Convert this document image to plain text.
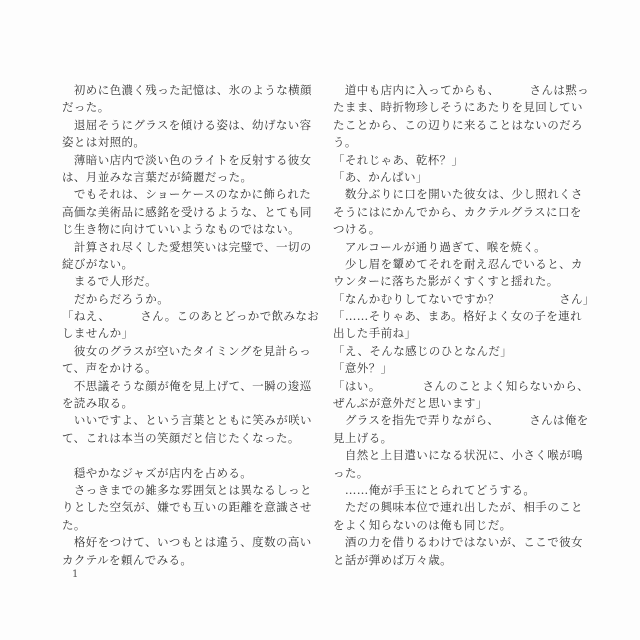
　初めに色濃く残った記憶は、氷のような横顔
だった。
　退屈そうにグラスを傾ける姿は、幼げない容
姿とは対照的。
　薄暗い店内で淡い色のライトを反射する彼女
は、月並みな言葉だが綺麗だった。
　でもそれは、ショーケースのなかに飾られた
高価な美術品に感銘を受けるような、とても同
じ生き物に向けていいようなものではない。
　計算され尽くした愛想笑いは完璧で、一切の
綻びがない。
　まるで人形だ。
　だからだろうか。
「ねえ、　　　さん。このあとどっかで飲みなお
しませんか」
　彼女のグラスが空いたタイミングを見計らっ
て、声をかける。
　不思議そうな顔が俺を見上げて、一瞬の逡巡
を読み取る。
　いいですよ、という言葉とともに笑みが咲い
て、これは本当の笑顔だと信じたくなった。
　穏やかなジャズが店内を占める。
　さっきまでの雑多な雰囲気とは異なるしっと
りとした空気が、嫌でも互いの距離を意識させ
た。
　格好をつけて、いつもとは違う、度数の高い
カクテルを頼んでみる。
　道中も店内に入ってからも、　　　さんは黙っ
たまま、時折物珍しそうにあたりを見回してい
たことから、この辺りに来ることはないのだろ
う。
「それじゃあ、乾杯？」
「あ、かんぱい」
　数分ぶりに口を開いた彼女は、少し照れくさ
そうにはにかんでから、カクテルグラスに口を
つける。
　アルコールが通り過ぎて、喉を焼く。
　少し眉を顰めてそれを耐え忍んでいると、カ
ウンターに落ちた影がくすくすと揺れた。
「なんかむりしてないですか？　　　　　さん」
「……そりゃあ、まあ。格好よく女の子を連れ
出した手前ね」
「え、そんな感じのひとなんだ」
「意外？」
「はい。　　　　さんのことよく知らないから、
ぜんぶが意外だと思います」
　グラスを指先で弄りながら、　　　さんは俺を
見上げる。
　自然と上目遣いになる状況に、小さく喉が鳴
った。
　……俺が手玉にとられてどうする。
　ただの興味本位で連れ出したが、相手のこと
をよく知らないのは俺も同じだ。
　酒の力を借りるわけではないが、ここで彼女
と話が弾めば万々歳。
1
